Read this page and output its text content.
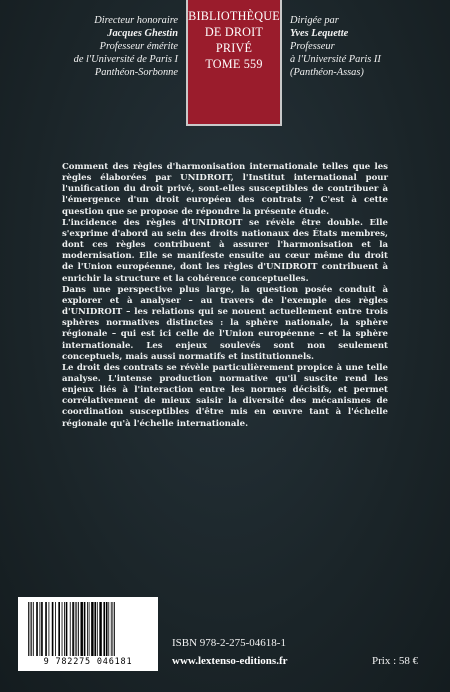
Directeur honoraire
Jacques Ghestin
Professeur émérite
de l'Université de Paris I
Panthéon-Sorbonne
BIBLIOTHÈQUE
DE DROIT
PRIVÉ
TOME 559
Dirigée par
Yves Lequette
Professeur
à l'Université Paris II
(Panthéon-Assas)

Comment des règles d'harmonisation internationale telles que les règles élaborées par UNIDROIT, l'Institut international pour l'unification du droit privé, sont-elles susceptibles de contribuer à l'émergence d'un droit européen des contrats ? C'est à cette question que se propose de répondre la présente étude.

L'incidence des règles d'UNIDROIT se révèle être double. Elle s'exprime d'abord au sein des droits nationaux des États membres, dont ces règles contribuent à assurer l'harmonisation et la modernisation. Elle se manifeste ensuite au cœur même du droit de l'Union européenne, dont les règles d'UNIDROIT contribuent à enrichir la structure et la cohérence conceptuelles.

Dans une perspective plus large, la question posée conduit à explorer et à analyser – au travers de l'exemple des règles d'UNIDROIT – les relations qui se nouent actuellement entre trois sphères normatives distinctes : la sphère nationale, la sphère régionale – qui est ici celle de l'Union européenne – et la sphère internationale. Les enjeux soulevés sont non seulement conceptuels, mais aussi normatifs et institutionnels.

Le droit des contrats se révèle particulièrement propice à une telle analyse. L'intense production normative qu'il suscite rend les enjeux liés à l'interaction entre les normes décisifs, et permet corrélativement de mieux saisir la diversité des mécanismes de coordination susceptibles d'être mis en œuvre tant à l'échelle régionale qu'à l'échelle internationale.

9 782275 046181
ISBN 978-2-275-04618-1
www.lextenso-editions.fr	Prix : 58 €
